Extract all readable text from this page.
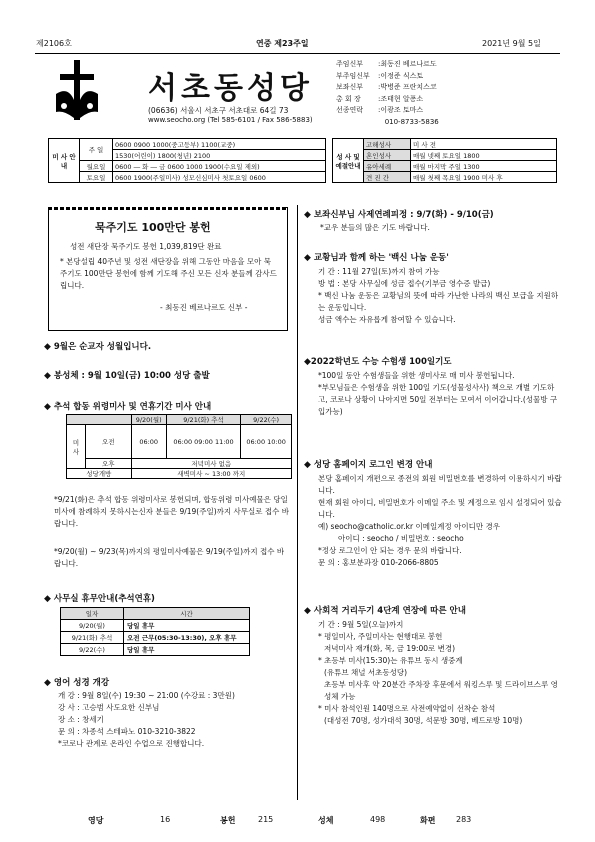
제2106호	연중 제23주일	2021년 9월 5일
서초동성당
(06636) 서울시 서초구 서초대로 64길 73
www.seocho.org (Tel 585-6101 / Fax 586-5883)
주임신부	: 최동진 베르나르도
부주임신부	: 이정준 식스토
보좌신부	: 박병준 프란치스코
총 회 장	: 조태현 알퐁소
선종연락	: 이광조 토마스

010-8733-5836
미 사 안 내	주 일	0600 0900 1000(중고등부) 1100(교중)
		1530(어린이) 1800(청년) 2100
	월요일	0600 ― 화 ― 금 0600 1000 1900(수요일 제외)
	토요일	0600 1900(주일미사) 성모신심미사 첫토요일 0600
성 사 및 예절안내	고해성사	미 사 전
	혼인성사	매월 넷째 토요일 1800
	유아세례	매월 마지막 주일 1300
	견 진 간	매월 첫째 목요일 1900 미사 후
묵주기도 100만단 봉헌
성전 새단장 묵주기도 봉헌 1,039,819단 완료
* 본당설립 40주년 및 성전 새단장을 위해 그동안 마음을 모아 묵주기도 100만단 봉헌에 함께 기도해 주신 모든 신자 분들께 감사드립니다.
- 최동진 베르나르도 신부 -
◆ 9월은 순교자 성월입니다.
◆ 봉성체 : 9월 10일(금) 10:00 성당 출발
◆ 추석 합동 위령미사 및 연휴기간 미사 안내
		9/20(월)	9/21(화) 추석	9/22(수)
미 사	오전	06:00	06:00 09:00 11:00	06:00 10:00
	오후	저녁미사 없음		
성당개방		새벽미사 ~ 13:00 까지		
*9/21(화)은 추석 합동 위령미사로 봉헌되며, 합동위령 미사예물은 당일 미사에 참례하지 못하시는신자 분들은 9/19(주일)까지 사무실로 접수 바랍니다.
*9/20(월) ~ 9/23(목)까지의 평일미사예물은 9/19(주일)까지 접수 바랍니다.
◆ 사무실 휴무안내(추석연휴)
일자	시간
9/20(월)	당일 휴무
9/21(화) 추석	오전 근무(05:30-13:30), 오후 휴무
9/22(수)	당일 휴무
◆ 영어 성경 개강
개 강 : 9월 8일(수) 19:30 ~ 21:00 (수강료 : 3만원)
강 사 : 고승범 사도요한 신부님
장 소 : 창세기
문 의 : 차종석 스테파노 010-3210-3822
*코로나 관계로 온라인 수업으로 진행합니다.
◆ 보좌신부님 사제연례피정 : 9/7(화) - 9/10(금)
*교우 분들의 많은 기도 바랍니다.
◆ 교황님과 함께 하는 '백신 나눔 운동'
기 간 : 11월 27일(토)까지 참여 가능
방 법 : 본당 사무실에 성금 접수(기부금 영수증 발급)
* 백신 나눔 운동은 교황님의 뜻에 따라 가난한 나라의 백신 보급을 지원하는 운동입니다.
성금 액수는 자유롭게 참여할 수 있습니다.
◆2022학년도 수능 수험생 100일기도
*100일 동안 수험생들을 위한 생미사로 매 미사 봉헌됩니다.
*부모님들은 수험생을 위한 100일 기도(성물성사사) 책으로 개별 기도하고, 코로나 상황이 나아지면 50일 전부터는 모여서 이어갑니다.(성물방 구입가능)
◆ 성당 홈페이지 로그인 변경 안내
본당 홈페이지 개편으로 종전의 회원 비밀번호를 변경하여 이용하시기 바랍니다.
현재 회원 아이디, 비밀번호가 이메일 주소 및 계정으로 임시 설정되어 있습니다.
예) seocho@catholic.or.kr 이메일계정 아이디만 경우
아이디 : seocho / 비밀번호 : seocho
*정상 로그인이 안 되는 경우 문의 바랍니다.
문 의 : 홍보분과장 010-2066-8805
◆ 사회적 거리두기 4단계 연장에 따른 안내
기 간 : 9월 5일(오늘)까지
* 평일미사, 주일미사는 현행대로 봉헌
저녁미사 재개(화, 목, 금 19:00로 변경)
* 초등부 미사(15:30)는 유튜브 동시 생중계
(유튜브 채널 서초동성당)
초등부 미사후 약 20분간 주차장 후문에서 워킹스루 및 드라이브스루 영성체 가능
* 미사 참석인원 140명으로 사전예약없이 선착순 참석
(대성전 70명, 성가대석 30명, 석문방 30명, 베드로방 10명)
영당	16	봉헌	215	성체	498	화편	283
